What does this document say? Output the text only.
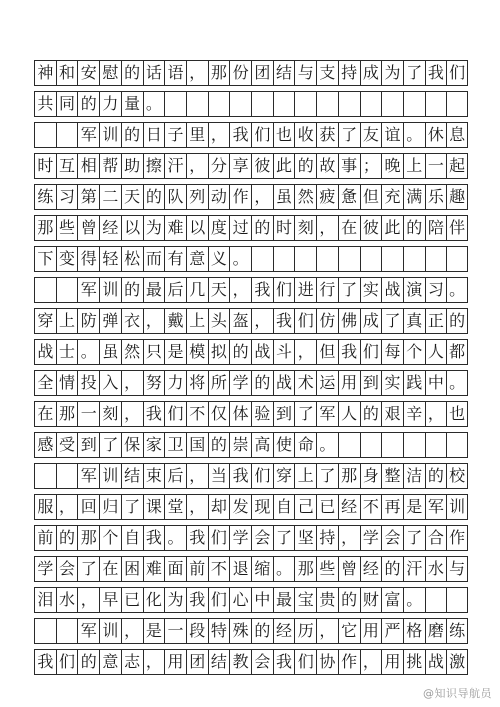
神 和 安 慰 的 话 语 ， 那 份 团 结 与 支 持 成 为 了 我 们
共 同 的 力 量 。
军 训 的 日 子 里 ， 我 们 也 收 获 了 友 谊 。 休 息
时 互 相 帮 助 擦 汗 ， 分 享 彼 此 的 故 事 ； 晚 上 一 起
练 习 第 二 天 的 队 列 动 作 ， 虽 然 疲 惫 但 充 满 乐 趣
那 些 曾 经 以 为 难 以 度 过 的 时 刻 ， 在 彼 此 的 陪 伴
下 变 得 轻 松 而 有 意 义 。
军 训 的 最 后 几 天 ， 我 们 进 行 了 实 战 演 习 。
穿 上 防 弹 衣 ， 戴 上 头 盔 ， 我 们 仿 佛 成 了 真 正 的
战 士 。 虽 然 只 是 模 拟 的 战 斗 ， 但 我 们 每 个 人 都
全 情 投 入 ， 努 力 将 所 学 的 战 术 运 用 到 实 践 中 。
在 那 一 刻 ， 我 们 不 仅 体 验 到 了 军 人 的 艰 辛 ， 也
感 受 到 了 保 家 卫 国 的 崇 高 使 命 。
军 训 结 束 后 ， 当 我 们 穿 上 了 那 身 整 洁 的 校
服 ， 回 归 了 课 堂 ， 却 发 现 自 己 已 经 不 再 是 军 训
前 的 那 个 自 我 。 我 们 学 会 了 坚 持 ， 学 会 了 合 作
学 会 了 在 困 难 面 前 不 退 缩 。 那 些 曾 经 的 汗 水 与
泪 水 ， 早 已 化 为 我 们 心 中 最 宝 贵 的 财 富 。
军 训 ， 是 一 段 特 殊 的 经 历 ， 它 用 严 格 磨 练
我 们 的 意 志 ， 用 团 结 教 会 我 们 协 作 ， 用 挑 战 激
@知识导航员
